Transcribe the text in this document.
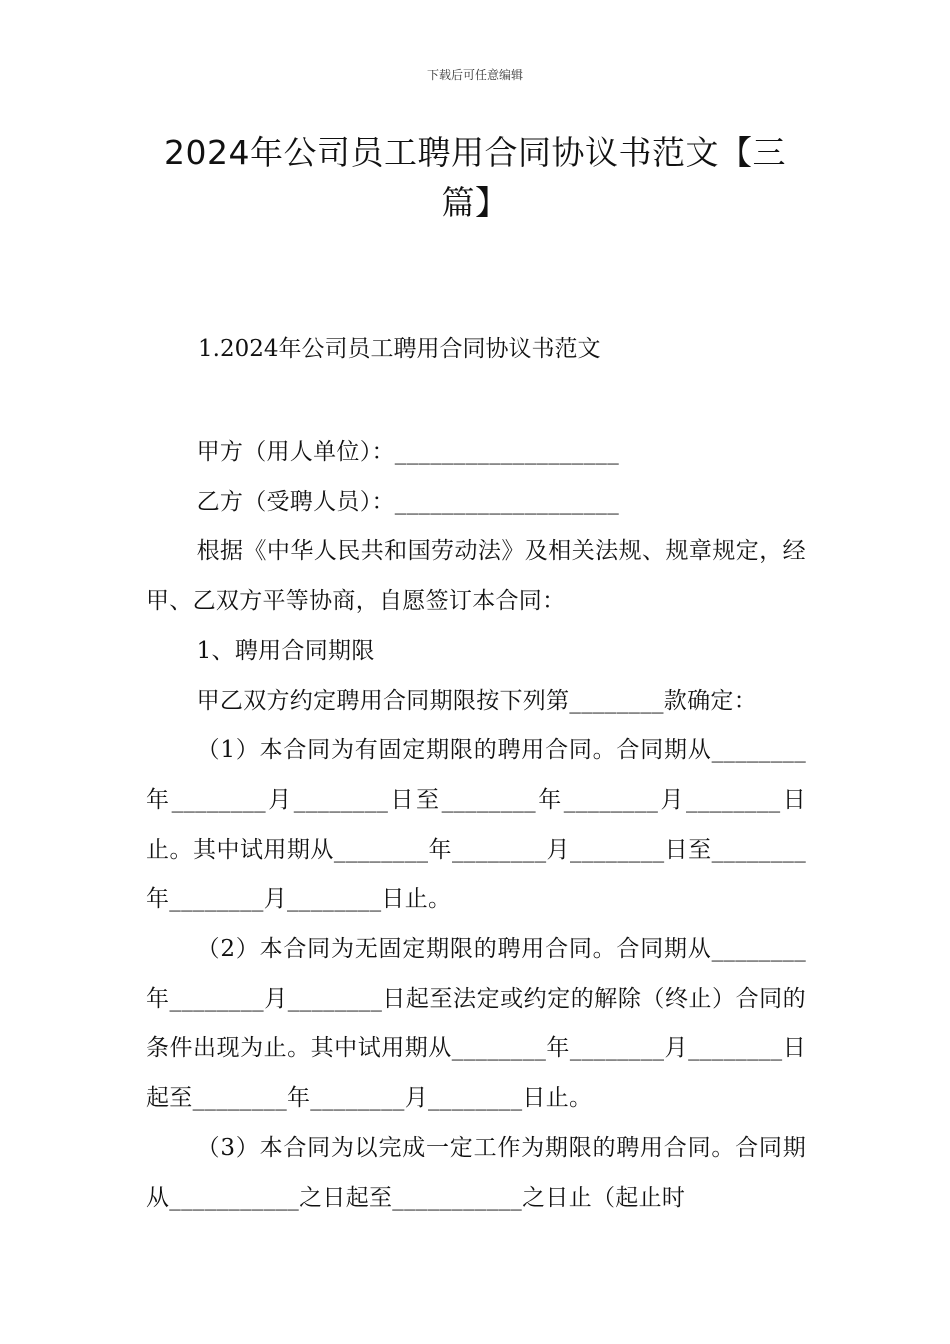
下载后可任意编辑
2024年公司员工聘用合同协议书范文【三篇】
1.2024年公司员工聘用合同协议书范文

甲方（用人单位）：___________________

乙方（受聘人员）：___________________

根据《中华人民共和国劳动法》及相关法规、规章规定，经甲、乙双方平等协商，自愿签订本合同：

1、聘用合同期限

甲乙双方约定聘用合同期限按下列第________款确定：

（1）本合同为有固定期限的聘用合同。合同期从________年________月________日至________年________月________日止。其中试用期从________年________月________日至________年________月________日止。

（2）本合同为无固定期限的聘用合同。合同期从________年________月________日起至法定或约定的解除（终止）合同的条件出现为止。其中试用期从________年________月________日起至________年________月________日止。

（3）本合同为以完成一定工作为期限的聘用合同。合同期从___________之日起至___________之日止（起止时
